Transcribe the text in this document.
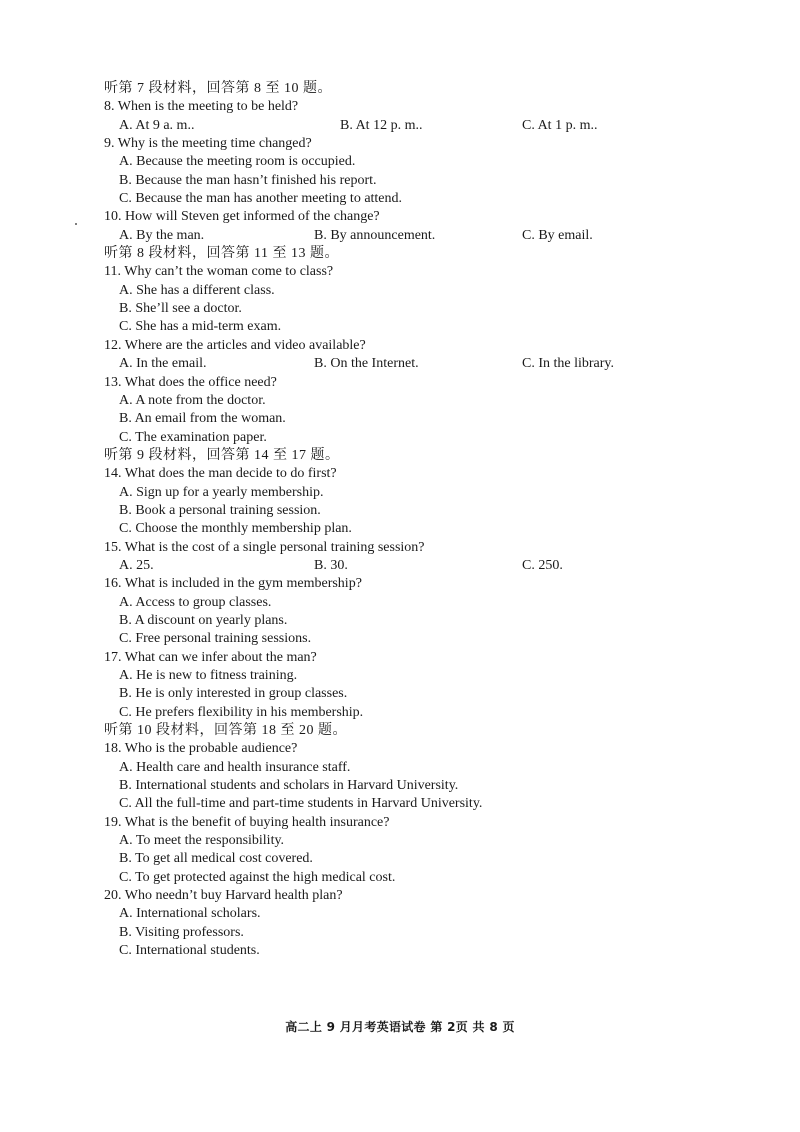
听第 7 段材料，回答第 8 至 10 题。
8. When is the meeting to be held?
A. At 9 a. m..	B. At 12 p. m..	C. At 1 p. m..
9. Why is the meeting time changed?
A. Because the meeting room is occupied.
B. Because the man hasn’t finished his report.
C. Because the man has another meeting to attend.
10. How will Steven get informed of the change?
A. By the man.	B. By announcement.	C. By email.
听第 8 段材料，回答第 11 至 13 题。
11. Why can’t the woman come to class?
A. She has a different class.
B. She’ll see a doctor.
C. She has a mid-term exam.
12. Where are the articles and video available?
A. In the email.	B. On the Internet.	C. In the library.
13. What does the office need?
A. A note from the doctor.
B. An email from the woman.
C. The examination paper.
听第 9 段材料，回答第 14 至 17 题。
14. What does the man decide to do first?
A. Sign up for a yearly membership.
B. Book a personal training session.
C. Choose the monthly membership plan.
15. What is the cost of a single personal training session?
A. 25.	B. 30.	C. 250.
16. What is included in the gym membership?
A. Access to group classes.
B. A discount on yearly plans.
C. Free personal training sessions.
17. What can we infer about the man?
A. He is new to fitness training.
B. He is only interested in group classes.
C. He prefers flexibility in his membership.
听第 10 段材料，回答第 18 至 20 题。
18. Who is the probable audience?
A. Health care and health insurance staff.
B. International students and scholars in Harvard University.
C. All the full-time and part-time students in Harvard University.
19. What is the benefit of buying health insurance?
A. To meet the responsibility.
B. To get all medical cost covered.
C. To get protected against the high medical cost.
20. Who needn’t buy Harvard health plan?
A. International scholars.
B. Visiting professors.
C. International students.
高二上 9 月月考英语试卷 第 2页 共 8 页
